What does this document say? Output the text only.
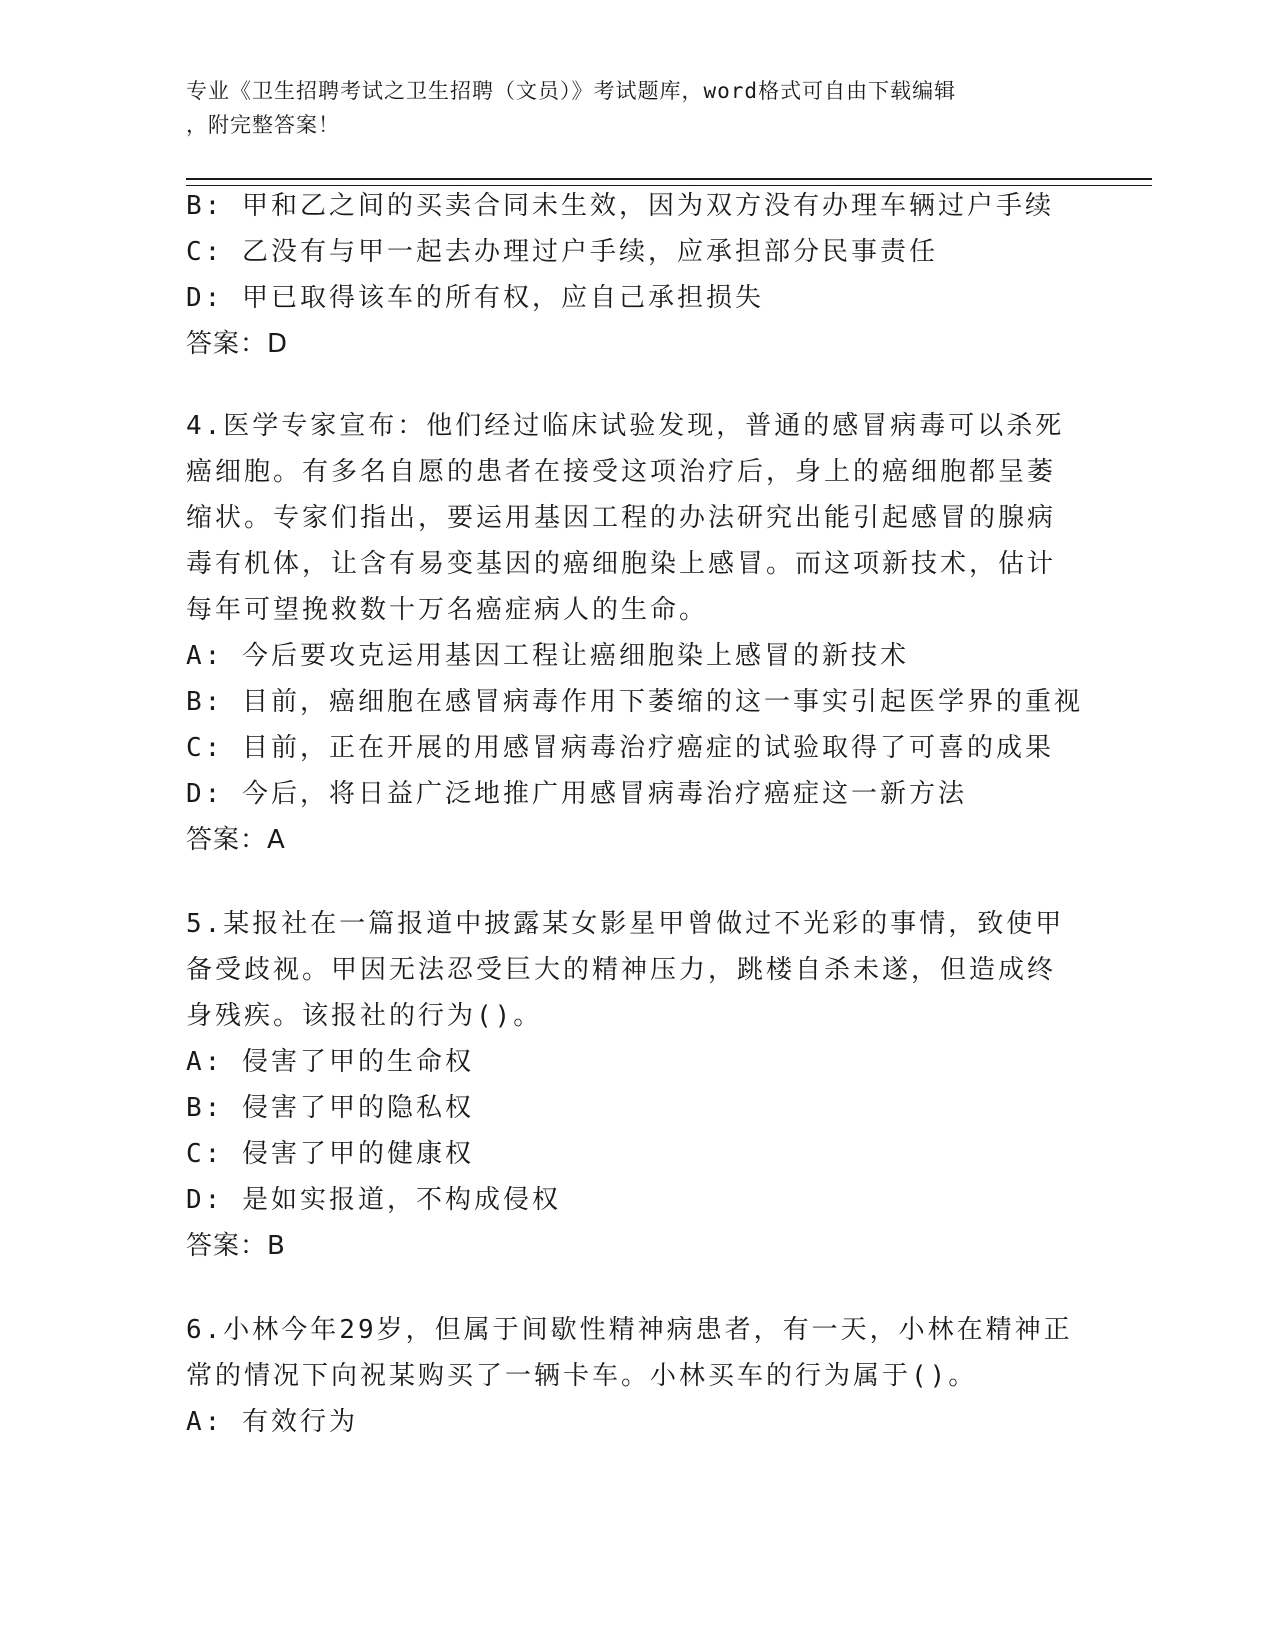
专业《卫生招聘考试之卫生招聘（文员）》考试题库，word格式可自由下载编辑
，附完整答案！
B: 甲和乙之间的买卖合同未生效，因为双方没有办理车辆过户手续
C: 乙没有与甲一起去办理过户手续，应承担部分民事责任
D: 甲已取得该车的所有权，应自己承担损失
答案：D
4.医学专家宣布：他们经过临床试验发现，普通的感冒病毒可以杀死
癌细胞。有多名自愿的患者在接受这项治疗后，身上的癌细胞都呈萎
缩状。专家们指出，要运用基因工程的办法研究出能引起感冒的腺病
毒有机体，让含有易变基因的癌细胞染上感冒。而这项新技术，估计
每年可望挽救数十万名癌症病人的生命。
A: 今后要攻克运用基因工程让癌细胞染上感冒的新技术
B: 目前，癌细胞在感冒病毒作用下萎缩的这一事实引起医学界的重视
C: 目前，正在开展的用感冒病毒治疗癌症的试验取得了可喜的成果
D: 今后，将日益广泛地推广用感冒病毒治疗癌症这一新方法
答案：A
5.某报社在一篇报道中披露某女影星甲曾做过不光彩的事情，致使甲
备受歧视。甲因无法忍受巨大的精神压力，跳楼自杀未遂，但造成终
身残疾。该报社的行为()。
A: 侵害了甲的生命权
B: 侵害了甲的隐私权
C: 侵害了甲的健康权
D: 是如实报道，不构成侵权
答案：B
6.小林今年29岁，但属于间歇性精神病患者，有一天，小林在精神正
常的情况下向祝某购买了一辆卡车。小林买车的行为属于()。
A: 有效行为
